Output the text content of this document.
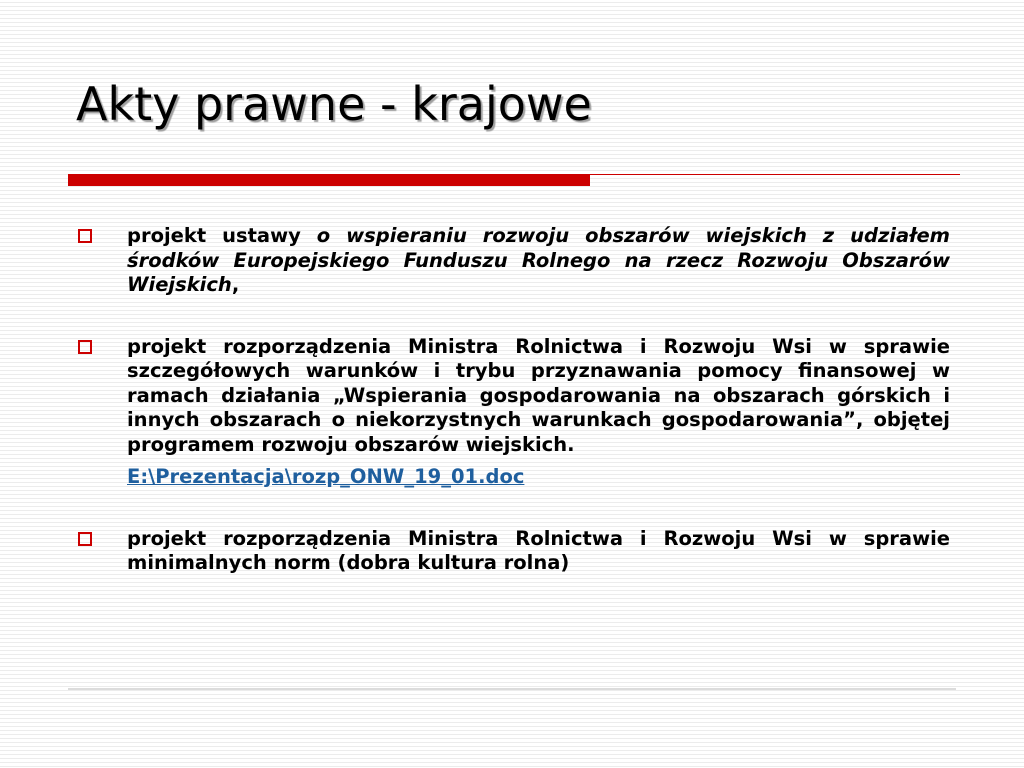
Akty prawne - krajowe
projekt ustawy o wspieraniu rozwoju obszarów wiejskich z udziałem środków Europejskiego Funduszu Rolnego na rzecz Rozwoju Obszarów Wiejskich,
projekt rozporządzenia Ministra Rolnictwa i Rozwoju Wsi w sprawie szczegółowych warunków i trybu przyznawania pomocy finansowej w ramach działania „Wspierania gospodarowania na obszarach górskich i innych obszarach o niekorzystnych warunkach gospodarowania”, objętej programem rozwoju obszarów wiejskich.
E:\Prezentacja\rozp_ONW_19_01.doc
projekt rozporządzenia Ministra Rolnictwa i Rozwoju Wsi w sprawie minimalnych norm (dobra kultura rolna)
